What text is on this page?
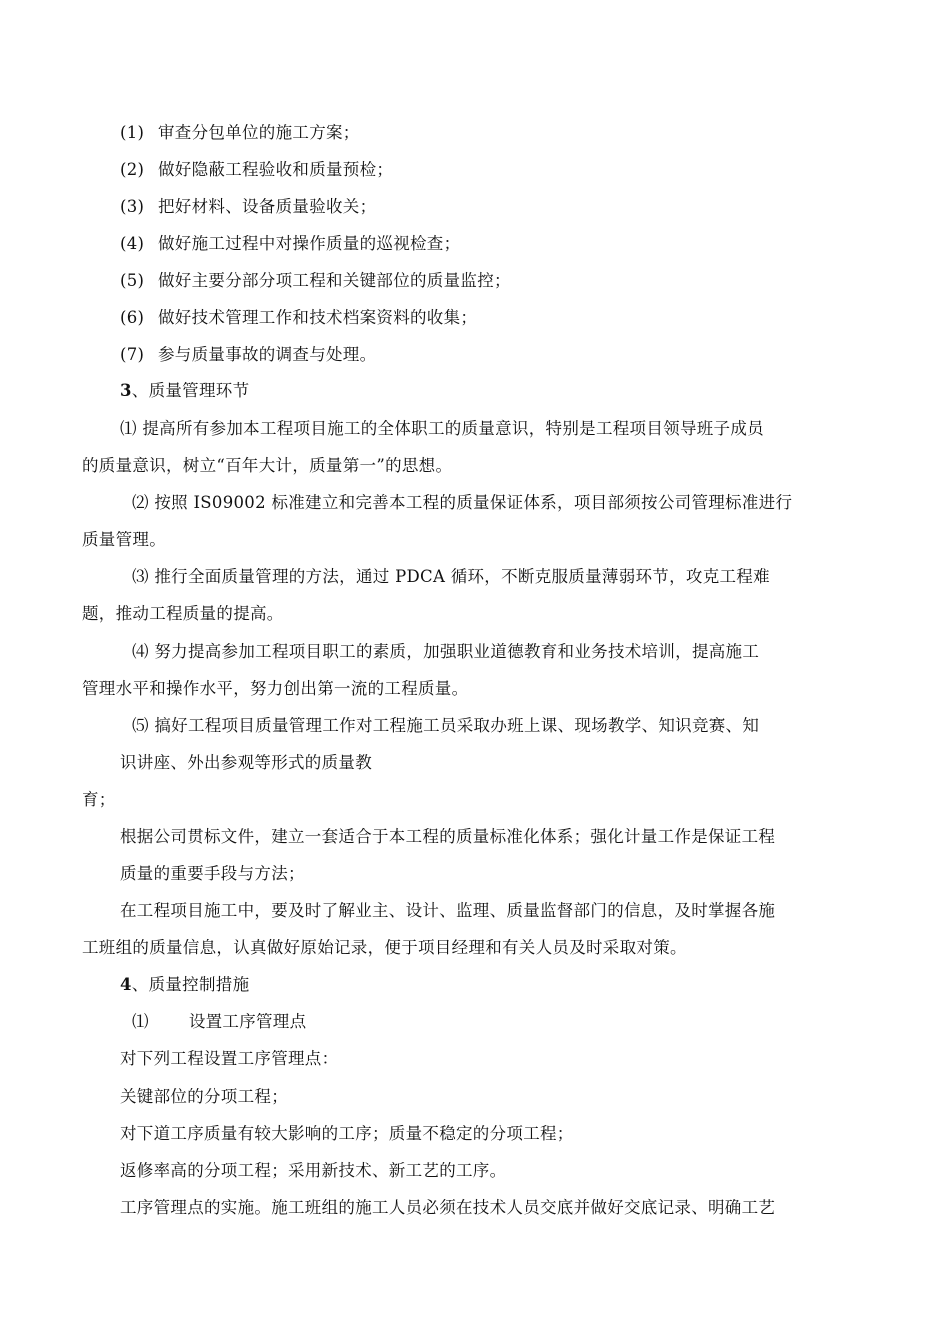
(1) 审查分包单位的施工方案；
(2) 做好隐蔽工程验收和质量预检；
(3) 把好材料、设备质量验收关；
(4) 做好施工过程中对操作质量的巡视检查；
(5) 做好主要分部分项工程和关键部位的质量监控；
(6) 做好技术管理工作和技术档案资料的收集；
(7) 参与质量事故的调查与处理。
3、质量管理环节
⑴ 提高所有参加本工程项目施工的全体职工的质量意识，特别是工程项目领导班子成员
的质量意识，树立“百年大计，质量第一”的思想。
⑵ 按照 IS09002 标准建立和完善本工程的质量保证体系，项目部须按公司管理标准进行
质量管理。
⑶ 推行全面质量管理的方法，通过 PDCA 循环，不断克服质量薄弱环节，攻克工程难
题，推动工程质量的提高。
⑷ 努力提高参加工程项目职工的素质，加强职业道德教育和业务技术培训，提高施工
管理水平和操作水平，努力创出第一流的工程质量。
⑸ 搞好工程项目质量管理工作对工程施工员采取办班上课、现场教学、知识竞赛、知
识讲座、外出参观等形式的质量教
育；
根据公司贯标文件，建立一套适合于本工程的质量标准化体系；强化计量工作是保证工程
质量的重要手段与方法；
在工程项目施工中，要及时了解业主、设计、监理、质量监督部门的信息，及时掌握各施
工班组的质量信息，认真做好原始记录，便于项目经理和有关人员及时采取对策。
4、质量控制措施
⑴ 设置工序管理点
对下列工程设置工序管理点：
关键部位的分项工程；
对下道工序质量有较大影响的工序；质量不稳定的分项工程；
返修率高的分项工程；采用新技术、新工艺的工序。
工序管理点的实施。施工班组的施工人员必须在技术人员交底并做好交底记录、明确工艺
